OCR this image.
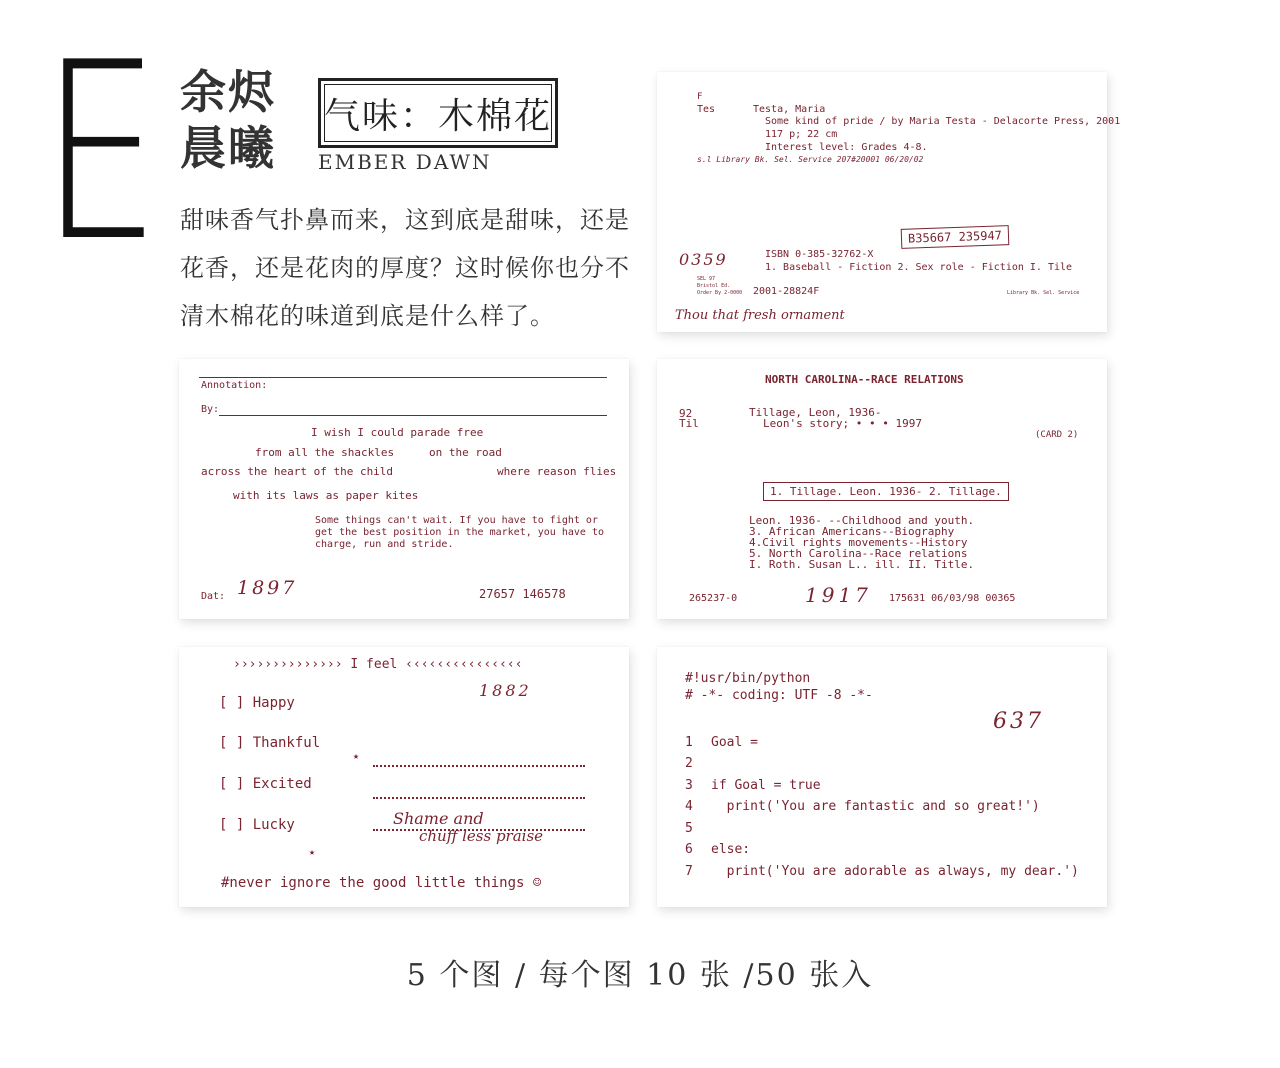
E 余烬
晨曦
气味：木棉花
EMBER DAWN
甜味香气扑鼻而来，这到底是甜味，还是花香，还是花肉的厚度？这时候你也分不清木棉花的味道到底是什么样了。
F
Tes	Testa, Maria
Some kind of pride / by Maria Testa - Delacorte Press, 2001
117 p; 22 cm
Interest level: Grades 4-8.
s.l Library Bk. Sel. Service 207#20001 06/20/02
B35667 235947
0359	ISBN 0-385-32762-X
1. Baseball - Fiction 2. Sex role - Fiction I. Tile
SEL 97
Bristol Ed.
Order By 2-0000 2001-28824F	Library Bk. Sel. Service
Thou that fresh ornament
Annotation:
By:
I wish I could parade free
from all the shackles	on the road
across the heart of the child	where reason flies
with its laws as paper kites
Some things can't wait. If you have to fight or get the best position in the market, you have to charge, run and stride.
Dat: 1897	27657 146578
NORTH CAROLINA--RACE RELATIONS
92
Til
Tillage, Leon, 1936-
Leon's story; • • • 1997
(CARD 2)
1. Tillage. Leon. 1936- 2. Tillage.
Leon. 1936- --Childhood and youth.
3. African Americans--Biography
4.Civil rights movements--History
5. North Carolina--Race relations
I. Roth. Susan L.. ill. II. Title.
265237-0	1917 175631 06/03/98 00365
›››››››››››››› I feel ‹‹‹‹‹‹‹‹‹‹‹‹‹‹‹
1882
[ ] Happy
[ ] Thankful
[ ] Excited
[ ] Lucky
★
★
Shame and
chuff less praise
#never ignore the good little things ☺
#!usr/bin/python
# -*- coding: UTF -8 -*-
637
1 Goal =
2
3 if Goal = true
4 print('You are fantastic and so great!')
5
6 else:
7 print('You are adorable as always, my dear.')
5 个图 / 每个图 10 张 /50 张入
